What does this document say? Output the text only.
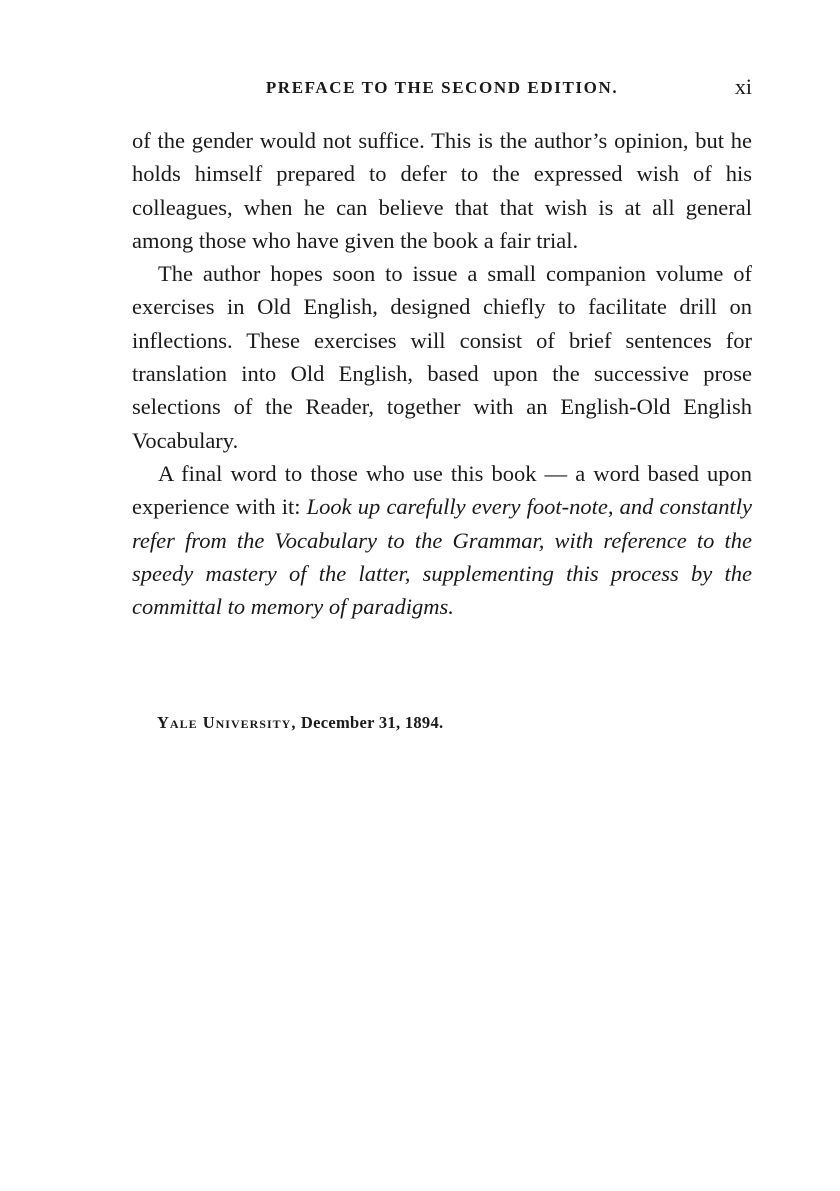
PREFACE TO THE SECOND EDITION.	xi

of the gender would not suffice. This is the author’s opinion, but he holds himself prepared to defer to the expressed wish of his colleagues, when he can believe that that wish is at all general among those who have given the book a fair trial.

The author hopes soon to issue a small companion volume of exercises in Old English, designed chiefly to facilitate drill on inflections. These exercises will consist of brief sentences for translation into Old English, based upon the successive prose selections of the Reader, together with an English-Old English Vocabulary.

A final word to those who use this book — a word based upon experience with it: Look up carefully every foot-note, and constantly refer from the Vocabulary to the Grammar, with reference to the speedy mastery of the latter, supplementing this process by the committal to memory of paradigms.

Yale University, December 31, 1894.
